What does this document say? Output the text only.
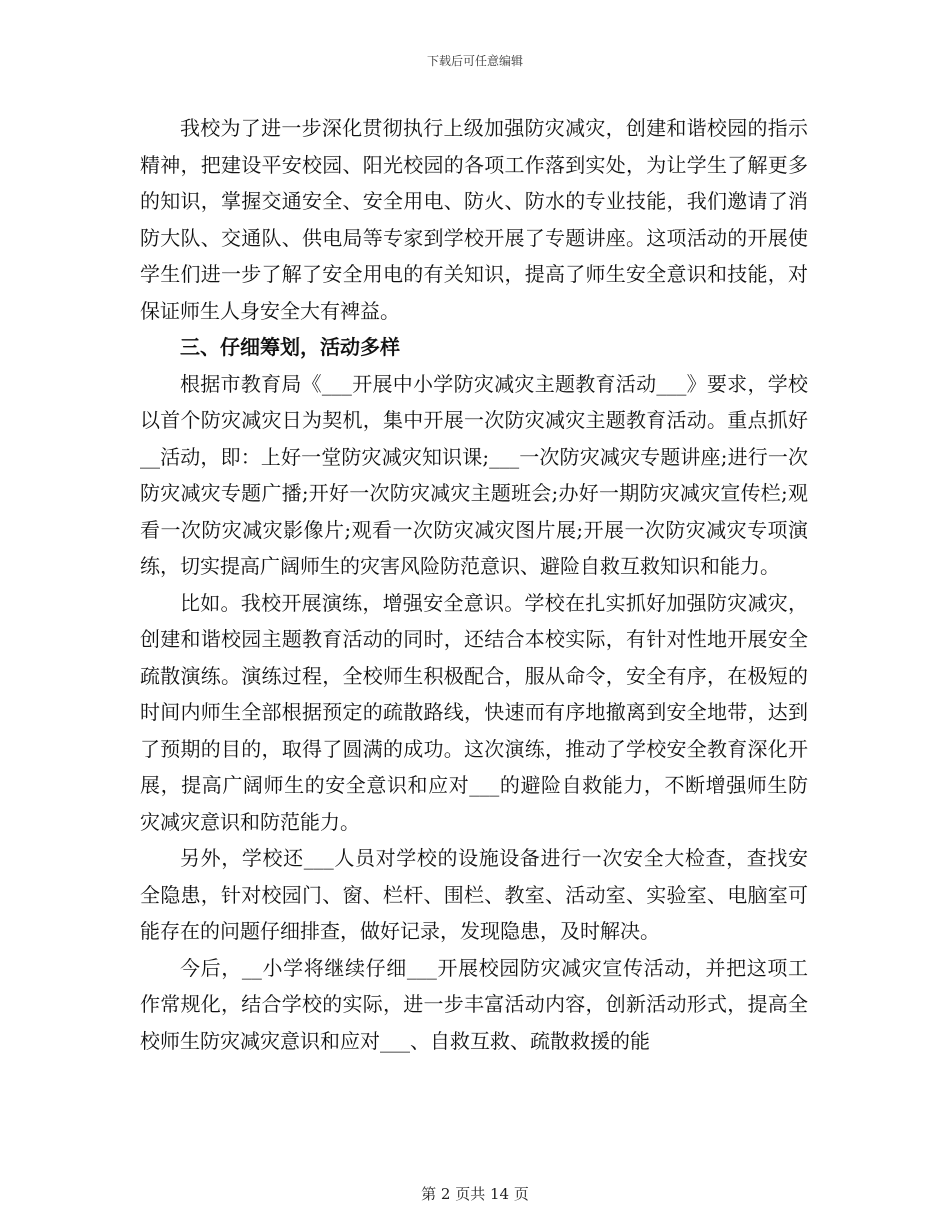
下载后可任意编辑

我校为了进一步深化贯彻执行上级加强防灾减灾，创建和谐校园的指示精神，把建设平安校园、阳光校园的各项工作落到实处，为让学生了解更多的知识，掌握交通安全、安全用电、防火、防水的专业技能，我们邀请了消防大队、交通队、供电局等专家到学校开展了专题讲座。这项活动的开展使学生们进一步了解了安全用电的有关知识，提高了师生安全意识和技能，对保证师生人身安全大有裨益。

三、仔细筹划，活动多样

根据市教育局《___开展中小学防灾减灾主题教育活动___》要求，学校以首个防灾减灾日为契机，集中开展一次防灾减灾主题教育活动。重点抓好__活动，即：上好一堂防灾减灾知识课;___一次防灾减灾专题讲座;进行一次防灾减灾专题广播;开好一次防灾减灾主题班会;办好一期防灾减灾宣传栏;观看一次防灾减灾影像片;观看一次防灾减灾图片展;开展一次防灾减灾专项演练，切实提高广阔师生的灾害风险防范意识、避险自救互救知识和能力。

比如。我校开展演练，增强安全意识。学校在扎实抓好加强防灾减灾，创建和谐校园主题教育活动的同时，还结合本校实际，有针对性地开展安全疏散演练。演练过程，全校师生积极配合，服从命令，安全有序，在极短的时间内师生全部根据预定的疏散路线，快速而有序地撤离到安全地带，达到了预期的目的，取得了圆满的成功。这次演练，推动了学校安全教育深化开展，提高广阔师生的安全意识和应对___的避险自救能力，不断增强师生防灾减灾意识和防范能力。

另外，学校还___人员对学校的设施设备进行一次安全大检查，查找安全隐患，针对校园门、窗、栏杆、围栏、教室、活动室、实验室、电脑室可能存在的问题仔细排查，做好记录，发现隐患，及时解决。

今后，__小学将继续仔细___开展校园防灾减灾宣传活动，并把这项工作常规化，结合学校的实际，进一步丰富活动内容，创新活动形式，提高全校师生防灾减灾意识和应对___、自救互救、疏散救援的能

第 2 页共 14 页
